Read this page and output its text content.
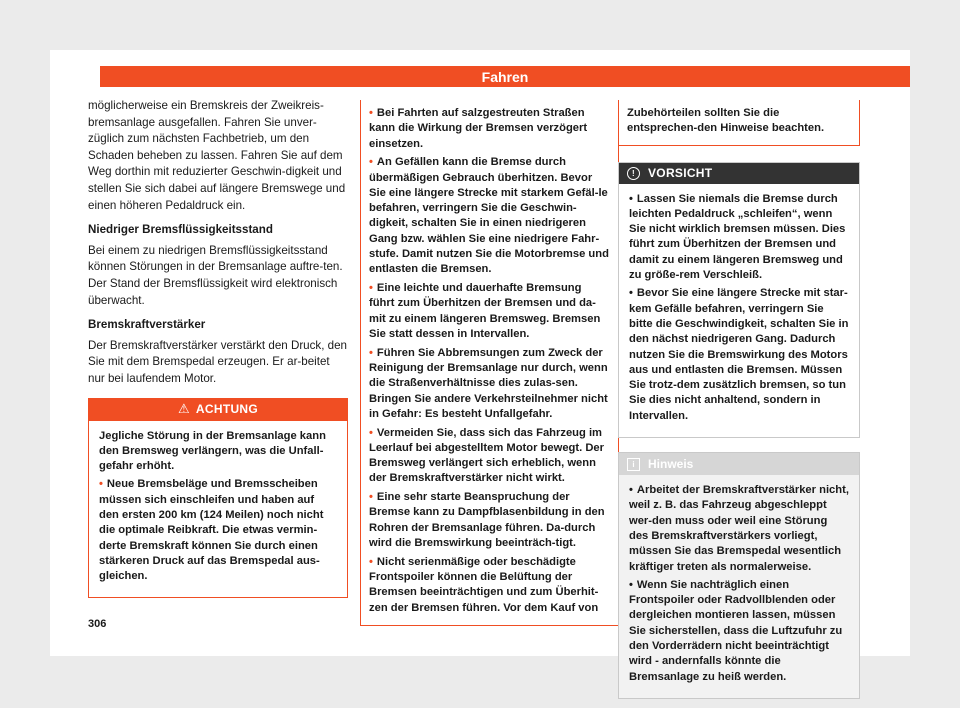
Fahren

möglicherweise ein Bremskreis der Zweikreis-bremsanlage ausgefallen. Fahren Sie unver-züglich zum nächsten Fachbetrieb, um den Schaden beheben zu lassen. Fahren Sie auf dem Weg dorthin mit reduzierter Geschwin-digkeit und stellen Sie sich dabei auf längere Bremswege und einen höheren Pedaldruck ein.

Niedriger Bremsflüssigkeitsstand

Bei einem zu niedrigen Bremsflüssigkeitsstand können Störungen in der Bremsanlage auftre-ten. Der Stand der Bremsflüssigkeit wird elektronisch überwacht.

Bremskraftverstärker

Der Bremskraftverstärker verstärkt den Druck, den Sie mit dem Bremspedal erzeugen. Er ar-beitet nur bei laufendem Motor.

⚠ ACHTUNG

Jegliche Störung in der Bremsanlage kann den Bremsweg verlängern, was die Unfall-gefahr erhöht.

• Neue Bremsbeläge und Bremsscheiben müssen sich einschleifen und haben auf den ersten 200 km (124 Meilen) noch nicht die optimale Reibkraft. Die etwas vermin-derte Bremskraft können Sie durch einen stärkeren Druck auf das Bremspedal aus-gleichen.

• Bei Fahrten auf salzgestreuten Straßen kann die Wirkung der Bremsen verzögert einsetzen.

• An Gefällen kann die Bremse durch übermäßigen Gebrauch überhitzen. Bevor Sie eine längere Strecke mit starkem Gefäl-le befahren, verringern Sie die Geschwin-digkeit, schalten Sie in einen niedrigeren Gang bzw. wählen Sie eine niedrigere Fahr-stufe. Damit nutzen Sie die Motorbremse und entlasten die Bremsen.

• Eine leichte und dauerhafte Bremsung führt zum Überhitzen der Bremsen und da-mit zu einem längeren Bremsweg. Bremsen Sie statt dessen in Intervallen.

• Führen Sie Abbremsungen zum Zweck der Reinigung der Bremsanlage nur durch, wenn die Straßenverhältnisse dies zulas-sen. Bringen Sie andere Verkehrsteilnehmer nicht in Gefahr: Es besteht Unfallgefahr.

• Vermeiden Sie, dass sich das Fahrzeug im Leerlauf bei abgestelltem Motor bewegt. Der Bremsweg verlängert sich erheblich, wenn der Bremskraftverstärker nicht wirkt.

• Eine sehr starte Beanspruchung der Bremse kann zu Dampfblasenbildung in den Rohren der Bremsanlage führen. Da-durch wird die Bremswirkung beeinträch-tigt.

• Nicht serienmäßige oder beschädigte Frontspoiler können die Belüftung der Bremsen beeinträchtigen und zum Überhit-zen der Bremsen führen. Vor dem Kauf von

Zubehörteilen sollten Sie die entsprechen-den Hinweise beachten.
!	VORSICHT

• Lassen Sie niemals die Bremse durch leichten Pedaldruck „schleifen“, wenn Sie nicht wirklich bremsen müssen. Dies führt zum Überhitzen der Bremsen und damit zu einem längeren Bremsweg und zu größe-rem Verschleiß.

• Bevor Sie eine längere Strecke mit star-kem Gefälle befahren, verringern Sie bitte die Geschwindigkeit, schalten Sie in den nächst niedrigeren Gang. Dadurch nutzen Sie die Bremswirkung des Motors aus und entlasten die Bremsen. Müssen Sie trotz-dem zusätzlich bremsen, so tun Sie dies nicht anhaltend, sondern in Intervallen.

i	Hinweis

• Arbeitet der Bremskraftverstärker nicht, weil z. B. das Fahrzeug abgeschleppt wer-den muss oder weil eine Störung des Bremskraftverstärkers vorliegt, müssen Sie das Bremspedal wesentlich kräftiger treten als normalerweise.

• Wenn Sie nachträglich einen Frontspoiler oder Radvollblenden oder dergleichen montieren lassen, müssen Sie sicherstellen, dass die Luftzufuhr zu den Vorderrädern nicht beeinträchtigt wird - andernfalls könnte die Bremsanlage zu heiß werden.

306
